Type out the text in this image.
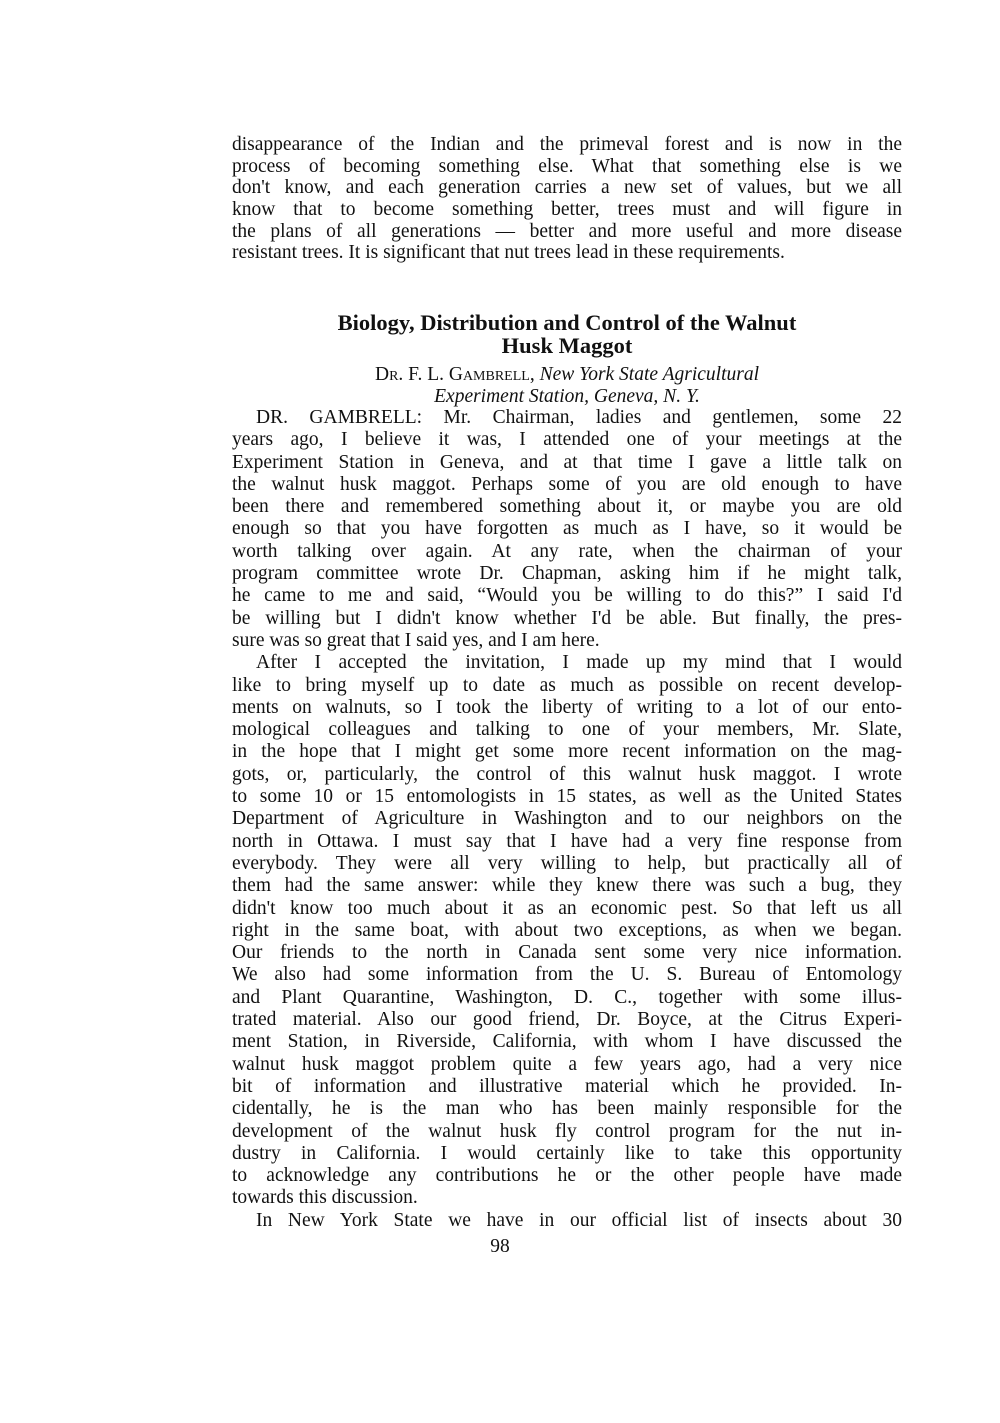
disappearance of the Indian and the primeval forest and is now in the
process of becoming something else. What that something else is we
don't know, and each generation carries a new set of values, but we all
know that to become something better, trees must and will figure in
the plans of all generations — better and more useful and more disease
resistant trees. It is significant that nut trees lead in these requirements.
Biology, Distribution and Control of the Walnut
Husk Maggot
Dr. F. L. Gambrell, New York State Agricultural
Experiment Station, Geneva, N. Y.
DR. GAMBRELL: Mr. Chairman, ladies and gentlemen, some 22
years ago, I believe it was, I attended one of your meetings at the
Experiment Station in Geneva, and at that time I gave a little talk on
the walnut husk maggot. Perhaps some of you are old enough to have
been there and remembered something about it, or maybe you are old
enough so that you have forgotten as much as I have, so it would be
worth talking over again. At any rate, when the chairman of your
program committee wrote Dr. Chapman, asking him if he might talk,
he came to me and said, “Would you be willing to do this?” I said I'd
be willing but I didn't know whether I'd be able. But finally, the pres-
sure was so great that I said yes, and I am here.
After I accepted the invitation, I made up my mind that I would
like to bring myself up to date as much as possible on recent develop-
ments on walnuts, so I took the liberty of writing to a lot of our ento-
mological colleagues and talking to one of your members, Mr. Slate,
in the hope that I might get some more recent information on the mag-
gots, or, particularly, the control of this walnut husk maggot. I wrote
to some 10 or 15 entomologists in 15 states, as well as the United States
Department of Agriculture in Washington and to our neighbors on the
north in Ottawa. I must say that I have had a very fine response from
everybody. They were all very willing to help, but practically all of
them had the same answer: while they knew there was such a bug, they
didn't know too much about it as an economic pest. So that left us all
right in the same boat, with about two exceptions, as when we began.
Our friends to the north in Canada sent some very nice information.
We also had some information from the U. S. Bureau of Entomology
and Plant Quarantine, Washington, D. C., together with some illus-
trated material. Also our good friend, Dr. Boyce, at the Citrus Experi-
ment Station, in Riverside, California, with whom I have discussed the
walnut husk maggot problem quite a few years ago, had a very nice
bit of information and illustrative material which he provided. In-
cidentally, he is the man who has been mainly responsible for the
development of the walnut husk fly control program for the nut in-
dustry in California. I would certainly like to take this opportunity
to acknowledge any contributions he or the other people have made
towards this discussion.
In New York State we have in our official list of insects about 30
98
